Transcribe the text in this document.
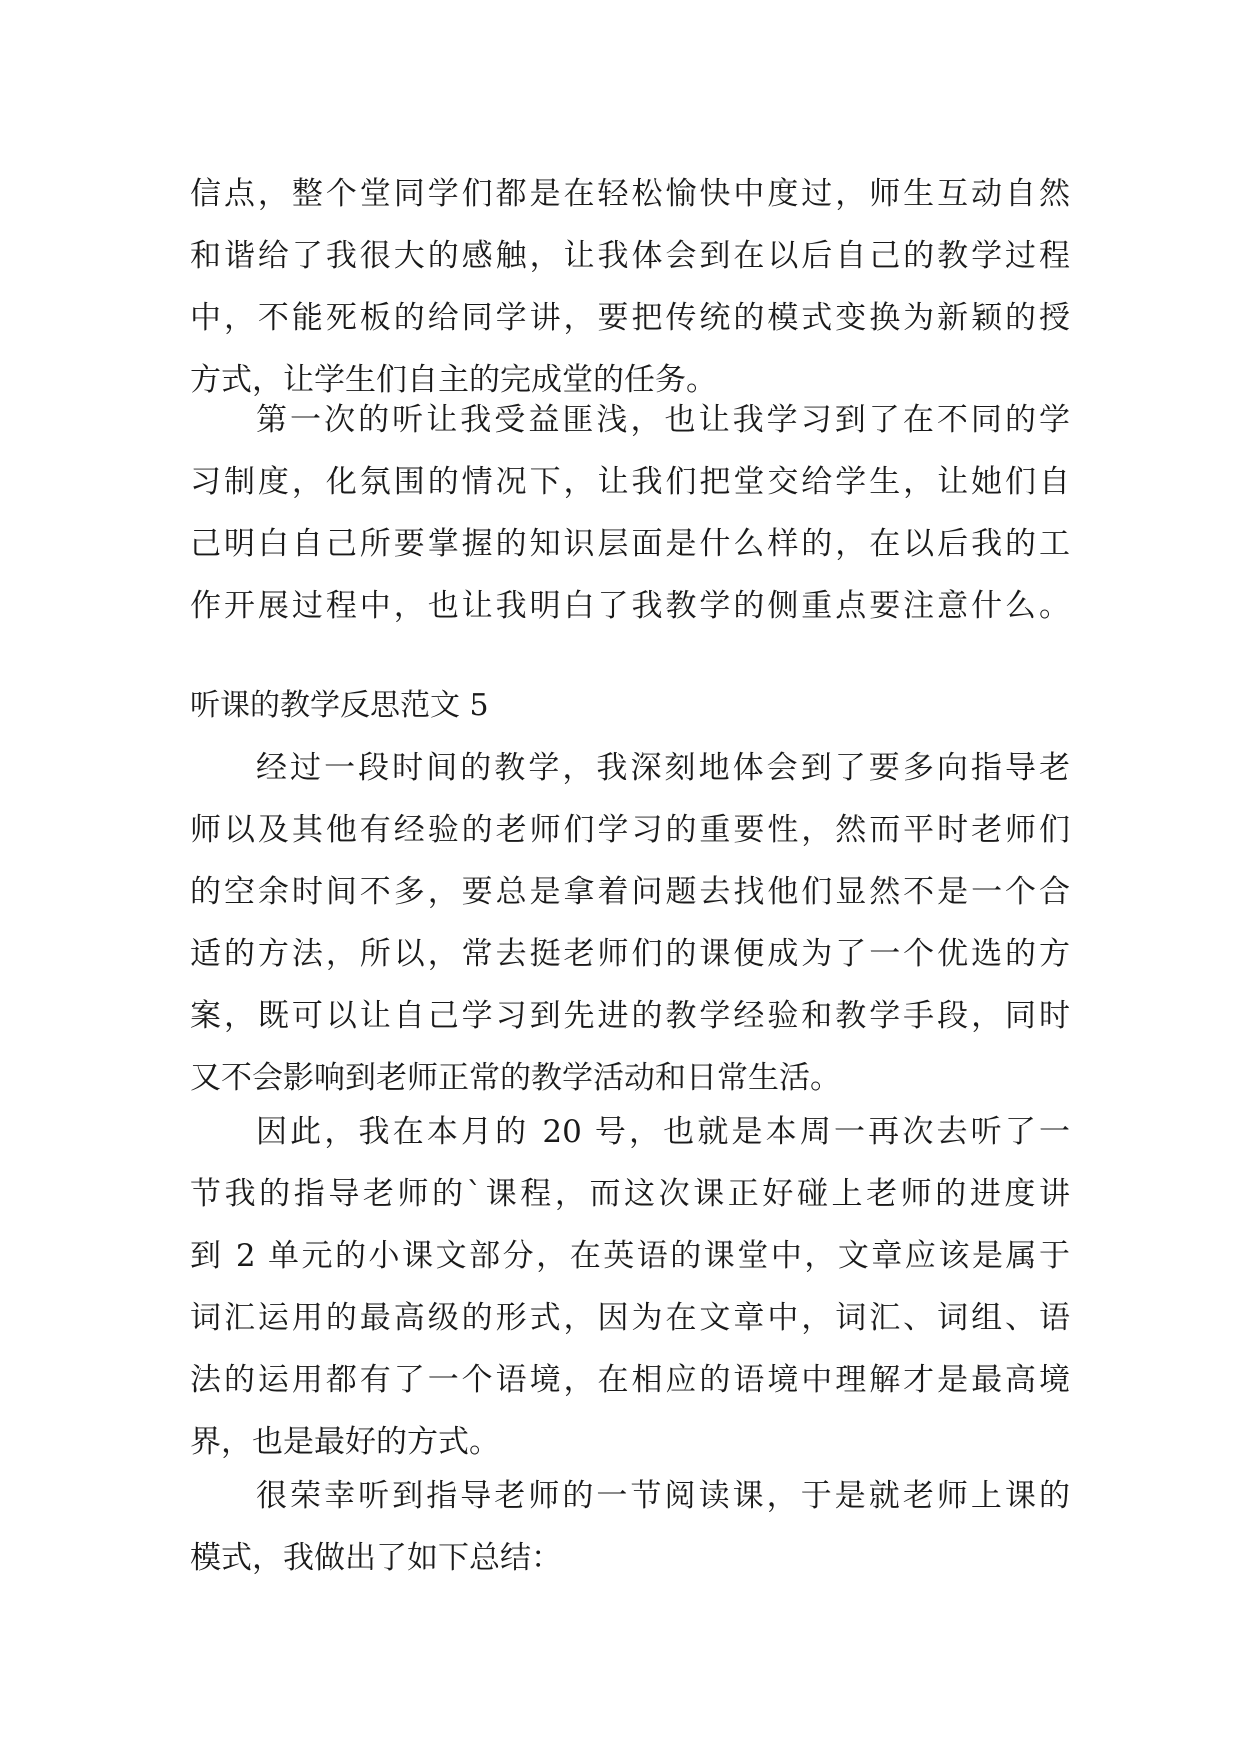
信点，整个堂同学们都是在轻松愉快中度过，师生互动自然
和谐给了我很大的感触，让我体会到在以后自己的教学过程
中，不能死板的给同学讲，要把传统的模式变换为新颖的授
方式，让学生们自主的完成堂的任务。
第一次的听让我受益匪浅，也让我学习到了在不同的学
习制度，化氛围的情况下，让我们把堂交给学生，让她们自
己明白自己所要掌握的知识层面是什么样的，在以后我的工
作开展过程中，也让我明白了我教学的侧重点要注意什么。
听课的教学反思范文 5
经过一段时间的教学，我深刻地体会到了要多向指导老
师以及其他有经验的老师们学习的重要性，然而平时老师们
的空余时间不多，要总是拿着问题去找他们显然不是一个合
适的方法，所以，常去挺老师们的课便成为了一个优选的方
案，既可以让自己学习到先进的教学经验和教学手段，同时
又不会影响到老师正常的教学活动和日常生活。
因此，我在本月的 20 号，也就是本周一再次去听了一
节我的指导老师的`课程，而这次课正好碰上老师的进度讲
到 2 单元的小课文部分，在英语的课堂中，文章应该是属于
词汇运用的最高级的形式，因为在文章中，词汇、词组、语
法的运用都有了一个语境，在相应的语境中理解才是最高境
界，也是最好的方式。
很荣幸听到指导老师的一节阅读课，于是就老师上课的
模式，我做出了如下总结：
